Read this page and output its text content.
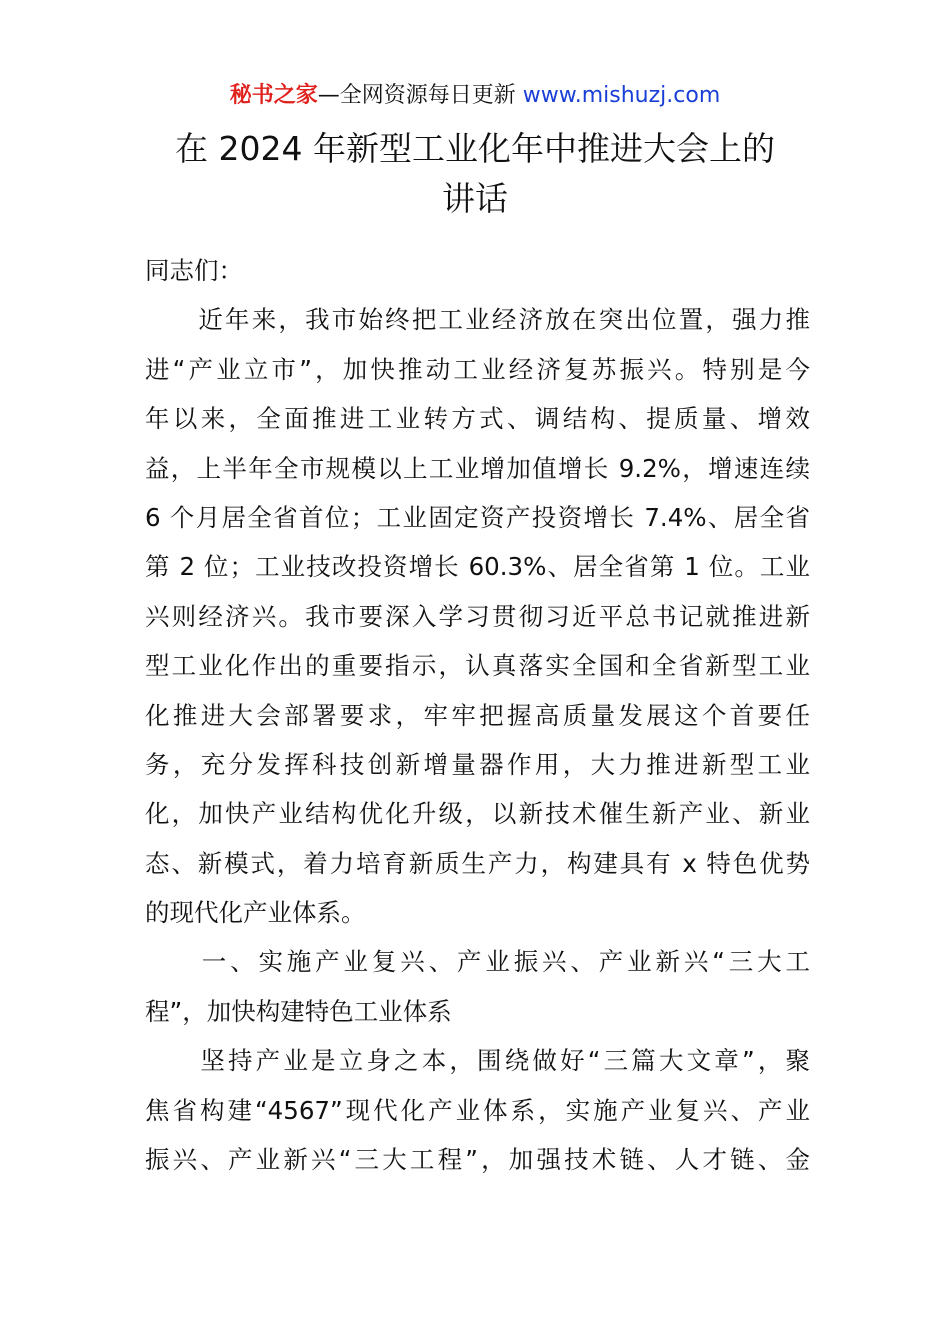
秘书之家—全网资源每日更新 www.mishuzj.com
在 2024 年新型工业化年中推进大会上的
讲话
同志们：
　　近年来，我市始终把工业经济放在突出位置，强力推
进“产业立市”，加快推动工业经济复苏振兴。特别是今
年以来，全面推进工业转方式、调结构、提质量、增效
益，上半年全市规模以上工业增加值增长 9.2%，增速连续
6 个月居全省首位；工业固定资产投资增长 7.4%、居全省
第 2 位；工业技改投资增长 60.3%、居全省第 1 位。工业
兴则经济兴。我市要深入学习贯彻习近平总书记就推进新
型工业化作出的重要指示，认真落实全国和全省新型工业
化推进大会部署要求，牢牢把握高质量发展这个首要任
务，充分发挥科技创新增量器作用，大力推进新型工业
化，加快产业结构优化升级，以新技术催生新产业、新业
态、新模式，着力培育新质生产力，构建具有 x 特色优势
的现代化产业体系。
　　一、实施产业复兴、产业振兴、产业新兴“三大工
程”，加快构建特色工业体系
　　坚持产业是立身之本，围绕做好“三篇大文章”，聚
焦省构建“4567”现代化产业体系，实施产业复兴、产业
振兴、产业新兴“三大工程”，加强技术链、人才链、金
